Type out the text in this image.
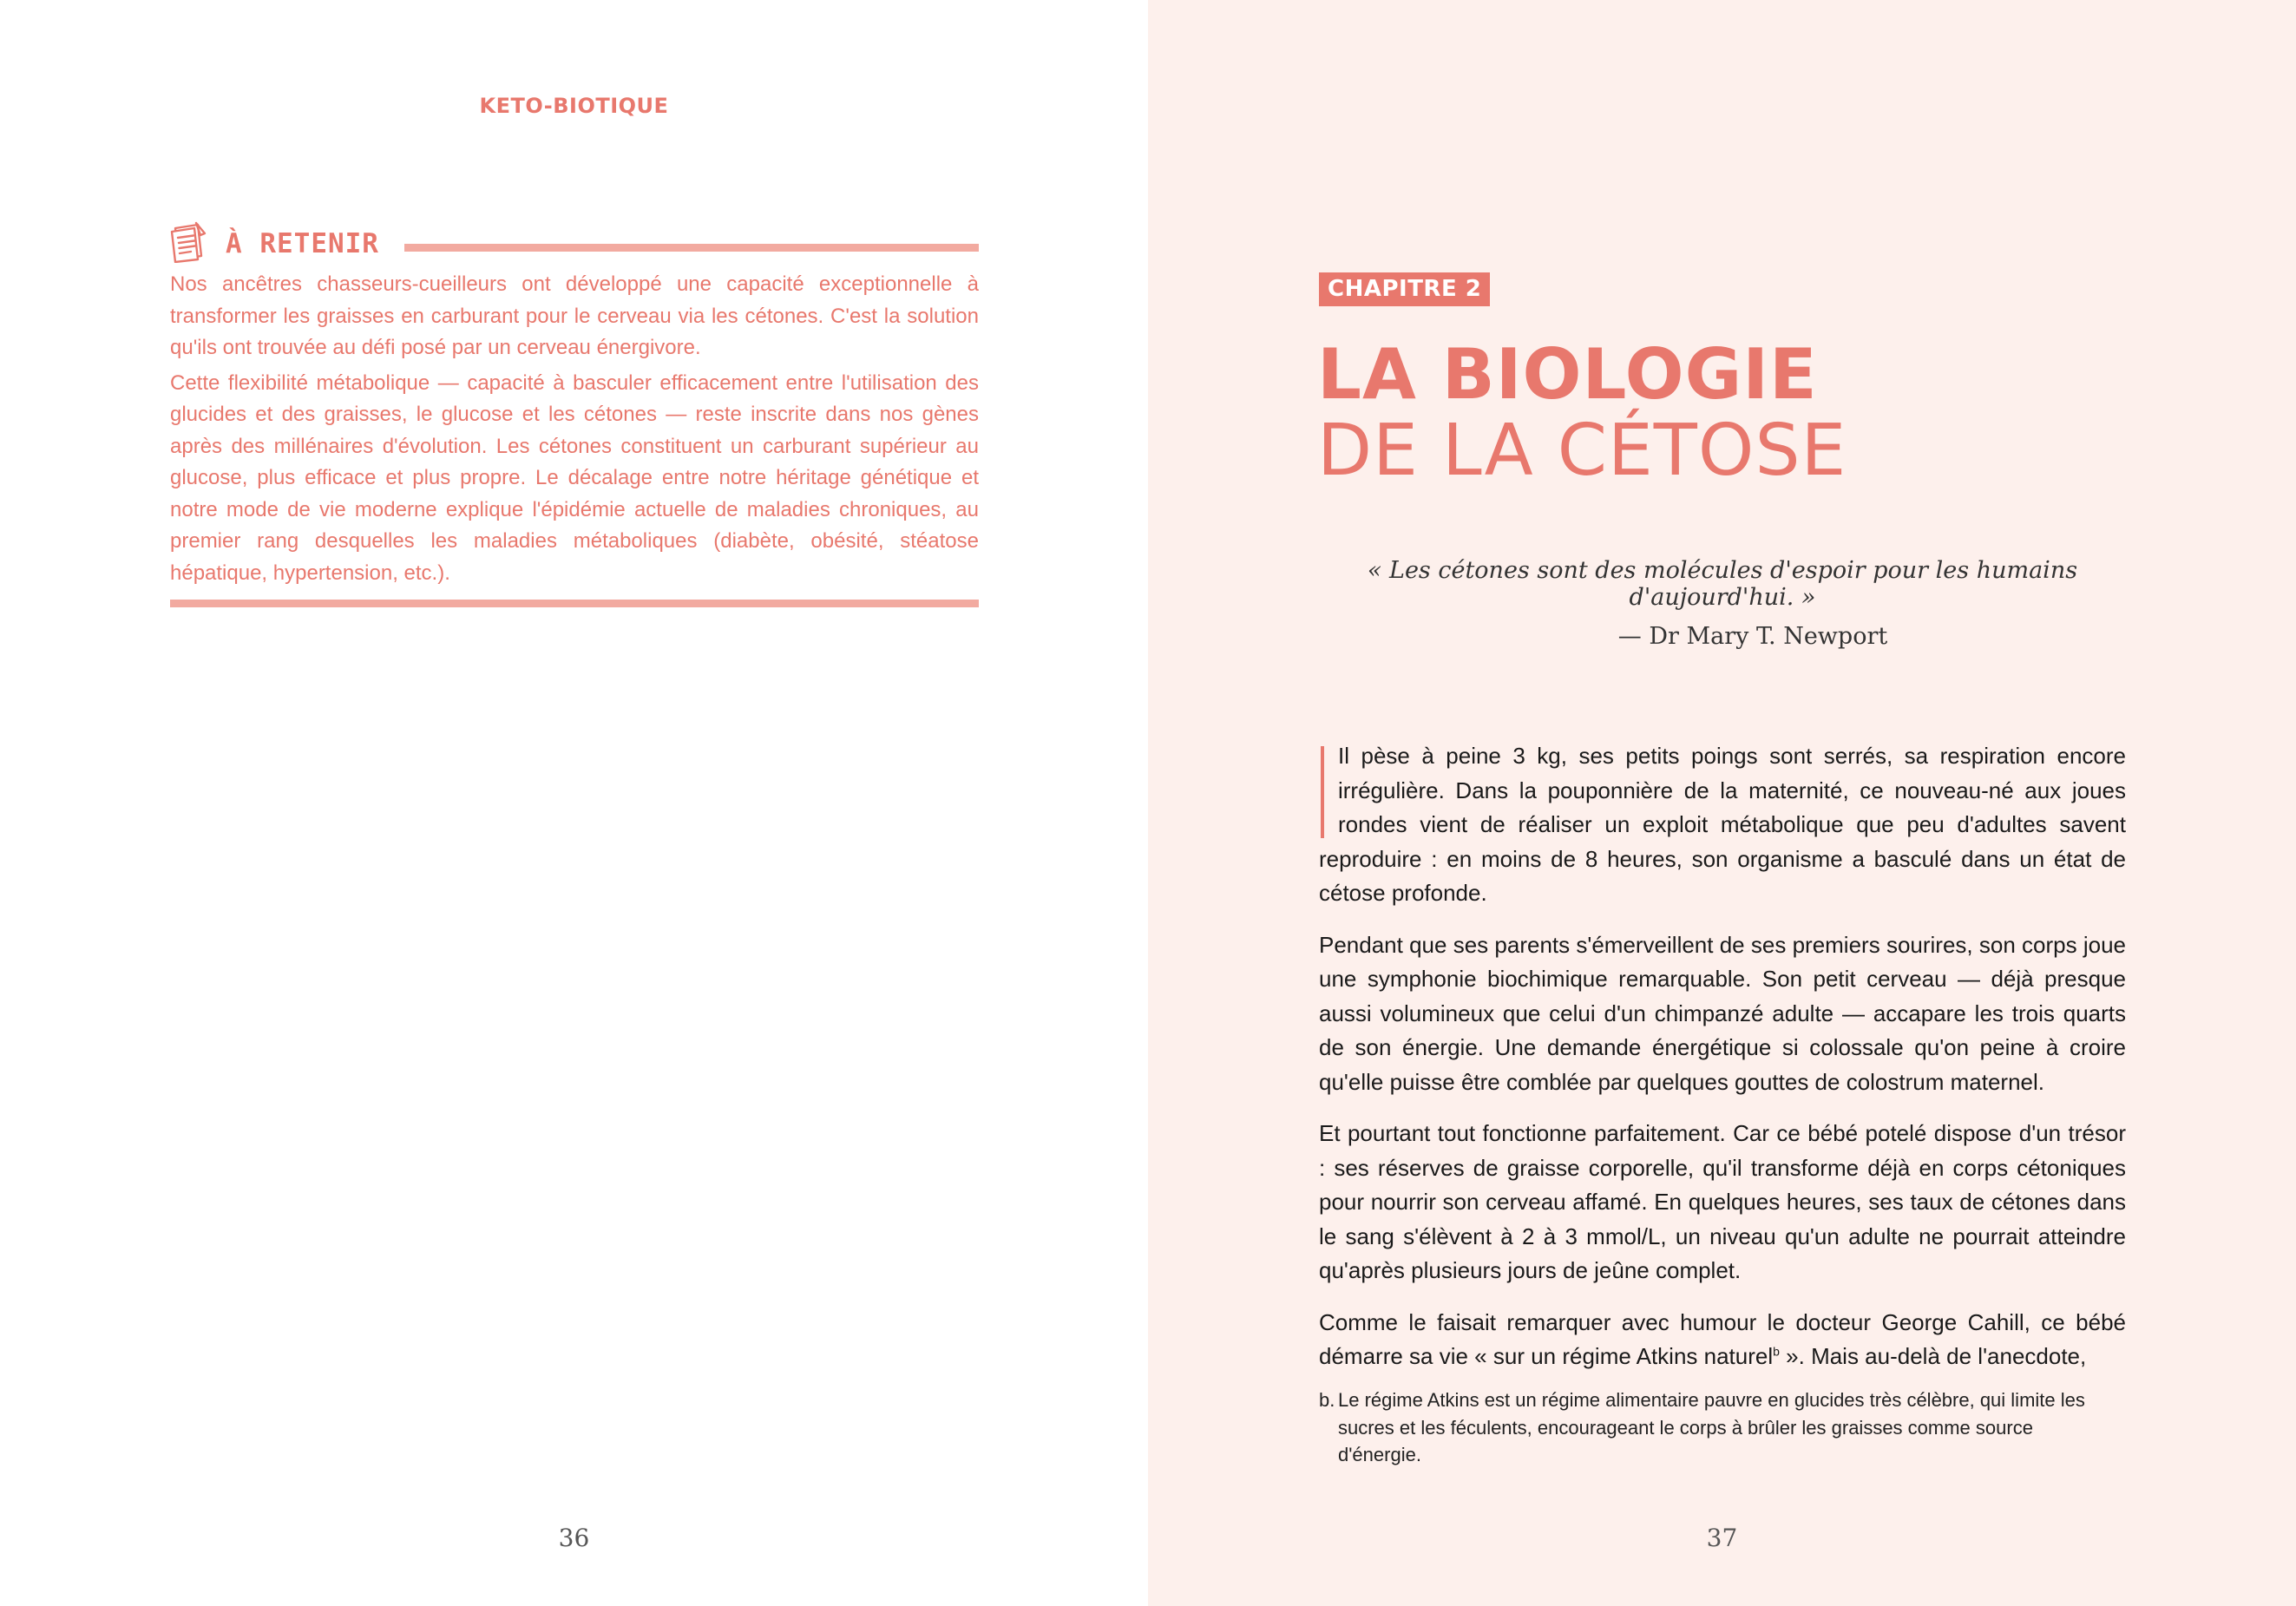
KETO-BIOTIQUE
À RETENIR

Nos ancêtres chasseurs-cueilleurs ont développé une capacité exceptionnelle à transformer les graisses en carburant pour le cerveau via les cétones. C'est la solution qu'ils ont trouvée au défi posé par un cerveau énergivore.

Cette flexibilité métabolique — capacité à basculer efficacement entre l'utilisation des glucides et des graisses, le glucose et les cétones — reste inscrite dans nos gènes après des millénaires d'évolution. Les cétones constituent un carburant supérieur au glucose, plus efficace et plus propre. Le décalage entre notre héritage génétique et notre mode de vie moderne explique l'épidémie actuelle de maladies chroniques, au premier rang desquelles les maladies métaboliques (diabète, obésité, stéatose hépatique, hypertension, etc.).

36	37
CHAPITRE 2
LA BIOLOGIE
DE LA CÉTOSE
« Les cétones sont des molécules d'espoir pour les humains d'aujourd'hui. »
— Dr Mary T. Newport

Il pèse à peine 3 kg, ses petits poings sont serrés, sa respiration encore irrégulière. Dans la pouponnière de la maternité, ce nouveau-né aux joues rondes vient de réaliser un exploit métabolique que peu d'adultes savent reproduire : en moins de 8 heures, son organisme a basculé dans un état de cétose profonde.

Pendant que ses parents s'émerveillent de ses premiers sourires, son corps joue une symphonie biochimique remarquable. Son petit cerveau — déjà presque aussi volumineux que celui d'un chimpanzé adulte — accapare les trois quarts de son énergie. Une demande énergétique si colossale qu'on peine à croire qu'elle puisse être comblée par quelques gouttes de colostrum maternel.

Et pourtant tout fonctionne parfaitement. Car ce bébé potelé dispose d'un trésor : ses réserves de graisse corporelle, qu'il transforme déjà en corps cétoniques pour nourrir son cerveau affamé. En quelques heures, ses taux de cétones dans le sang s'élèvent à 2 à 3 mmol/L, un niveau qu'un adulte ne pourrait atteindre qu'après plusieurs jours de jeûne complet.

Comme le faisait remarquer avec humour le docteur George Cahill, ce bébé démarre sa vie « sur un régime Atkins naturel$^b$ ». Mais au-delà de l'anecdote,

b. Le régime Atkins est un régime alimentaire pauvre en glucides très célèbre, qui limite les sucres et les féculents, encourageant le corps à brûler les graisses comme source d'énergie.
